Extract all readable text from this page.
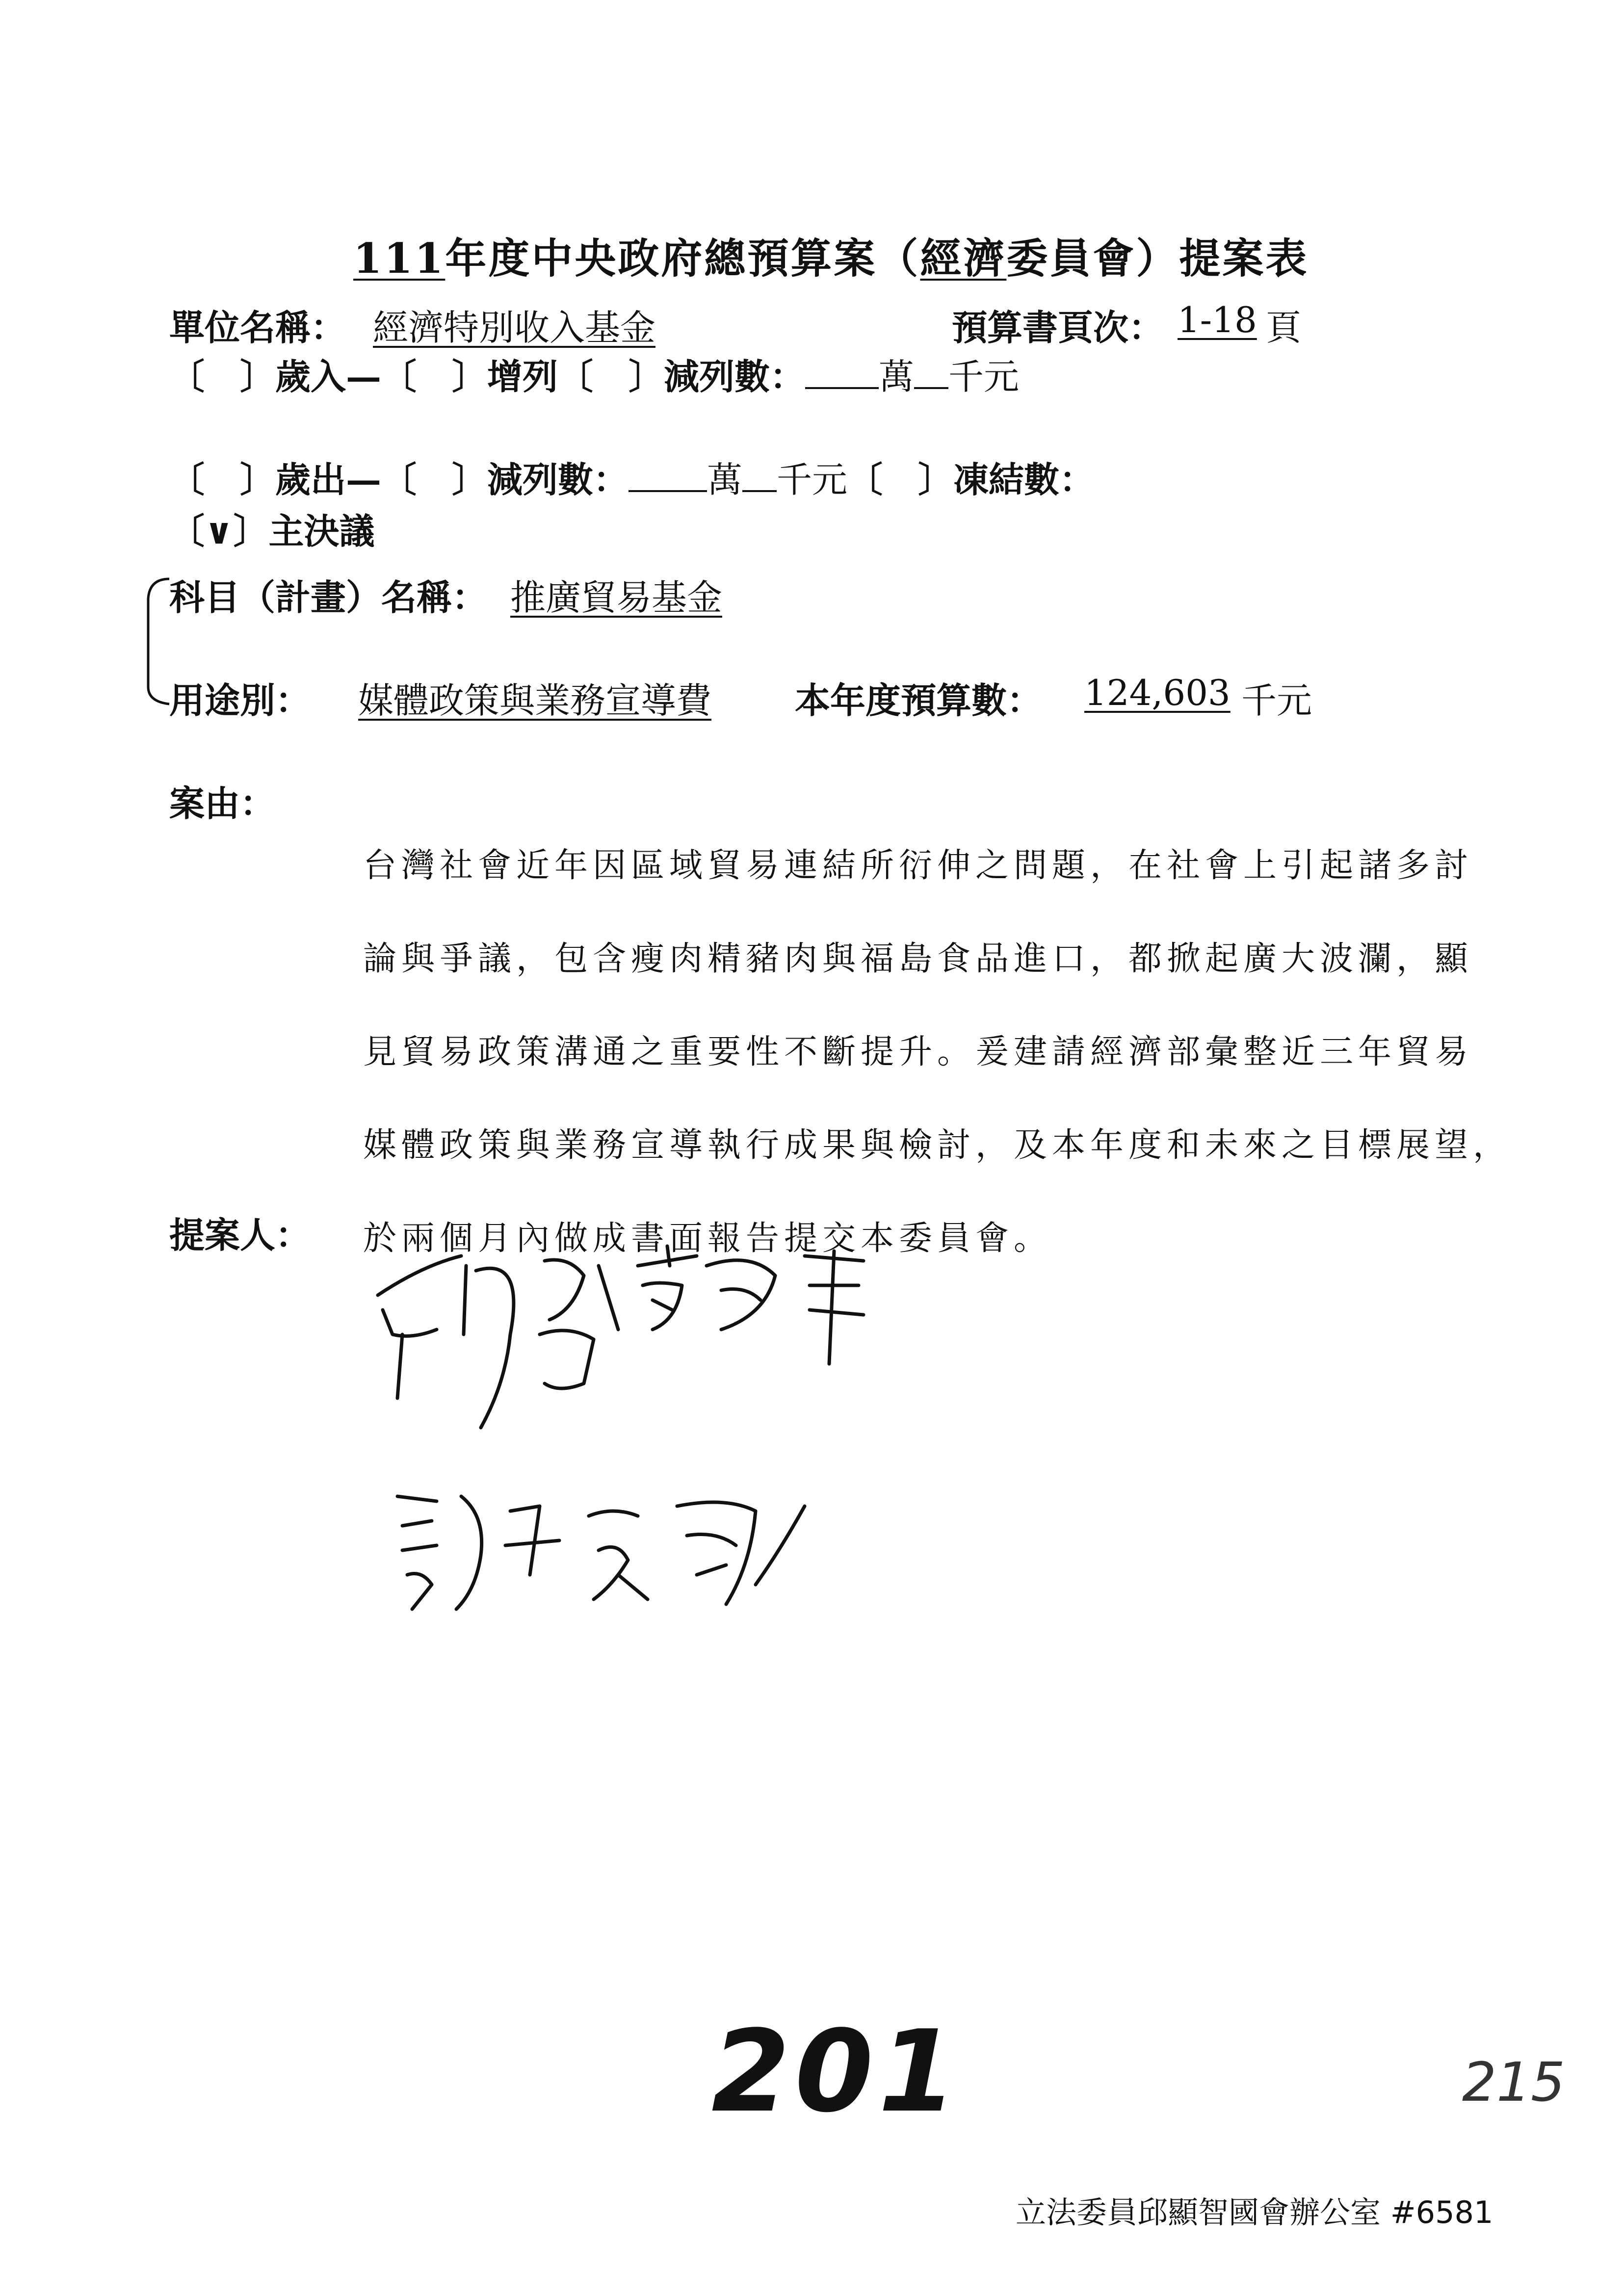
111年度中央政府總預算案（經濟委員會）提案表
單位名稱： 經濟特別收入基金	預算書頁次： 1-18 頁
〔　〕歲入—〔　〕增列〔　〕減列數： 萬 千元
〔　〕歲出—〔　〕減列數： 萬 千元〔　〕凍結數：
〔∨〕主決議
科目（計畫）名稱： 推廣貿易基金
用途別：	媒體政策與業務宣導費	本年度預算數：	124,603 千元
案由：

台灣社會近年因區域貿易連結所衍伸之問題，在社會上引起諸多討

論與爭議，包含瘦肉精豬肉與福島食品進口，都掀起廣大波瀾，顯

見貿易政策溝通之重要性不斷提升。爰建請經濟部彙整近三年貿易

媒體政策與業務宣導執行成果與檢討，及本年度和未來之目標展望，

於兩個月內做成書面報告提交本委員會。

提案人：
201	215
立法委員邱顯智國會辦公室 #6581
